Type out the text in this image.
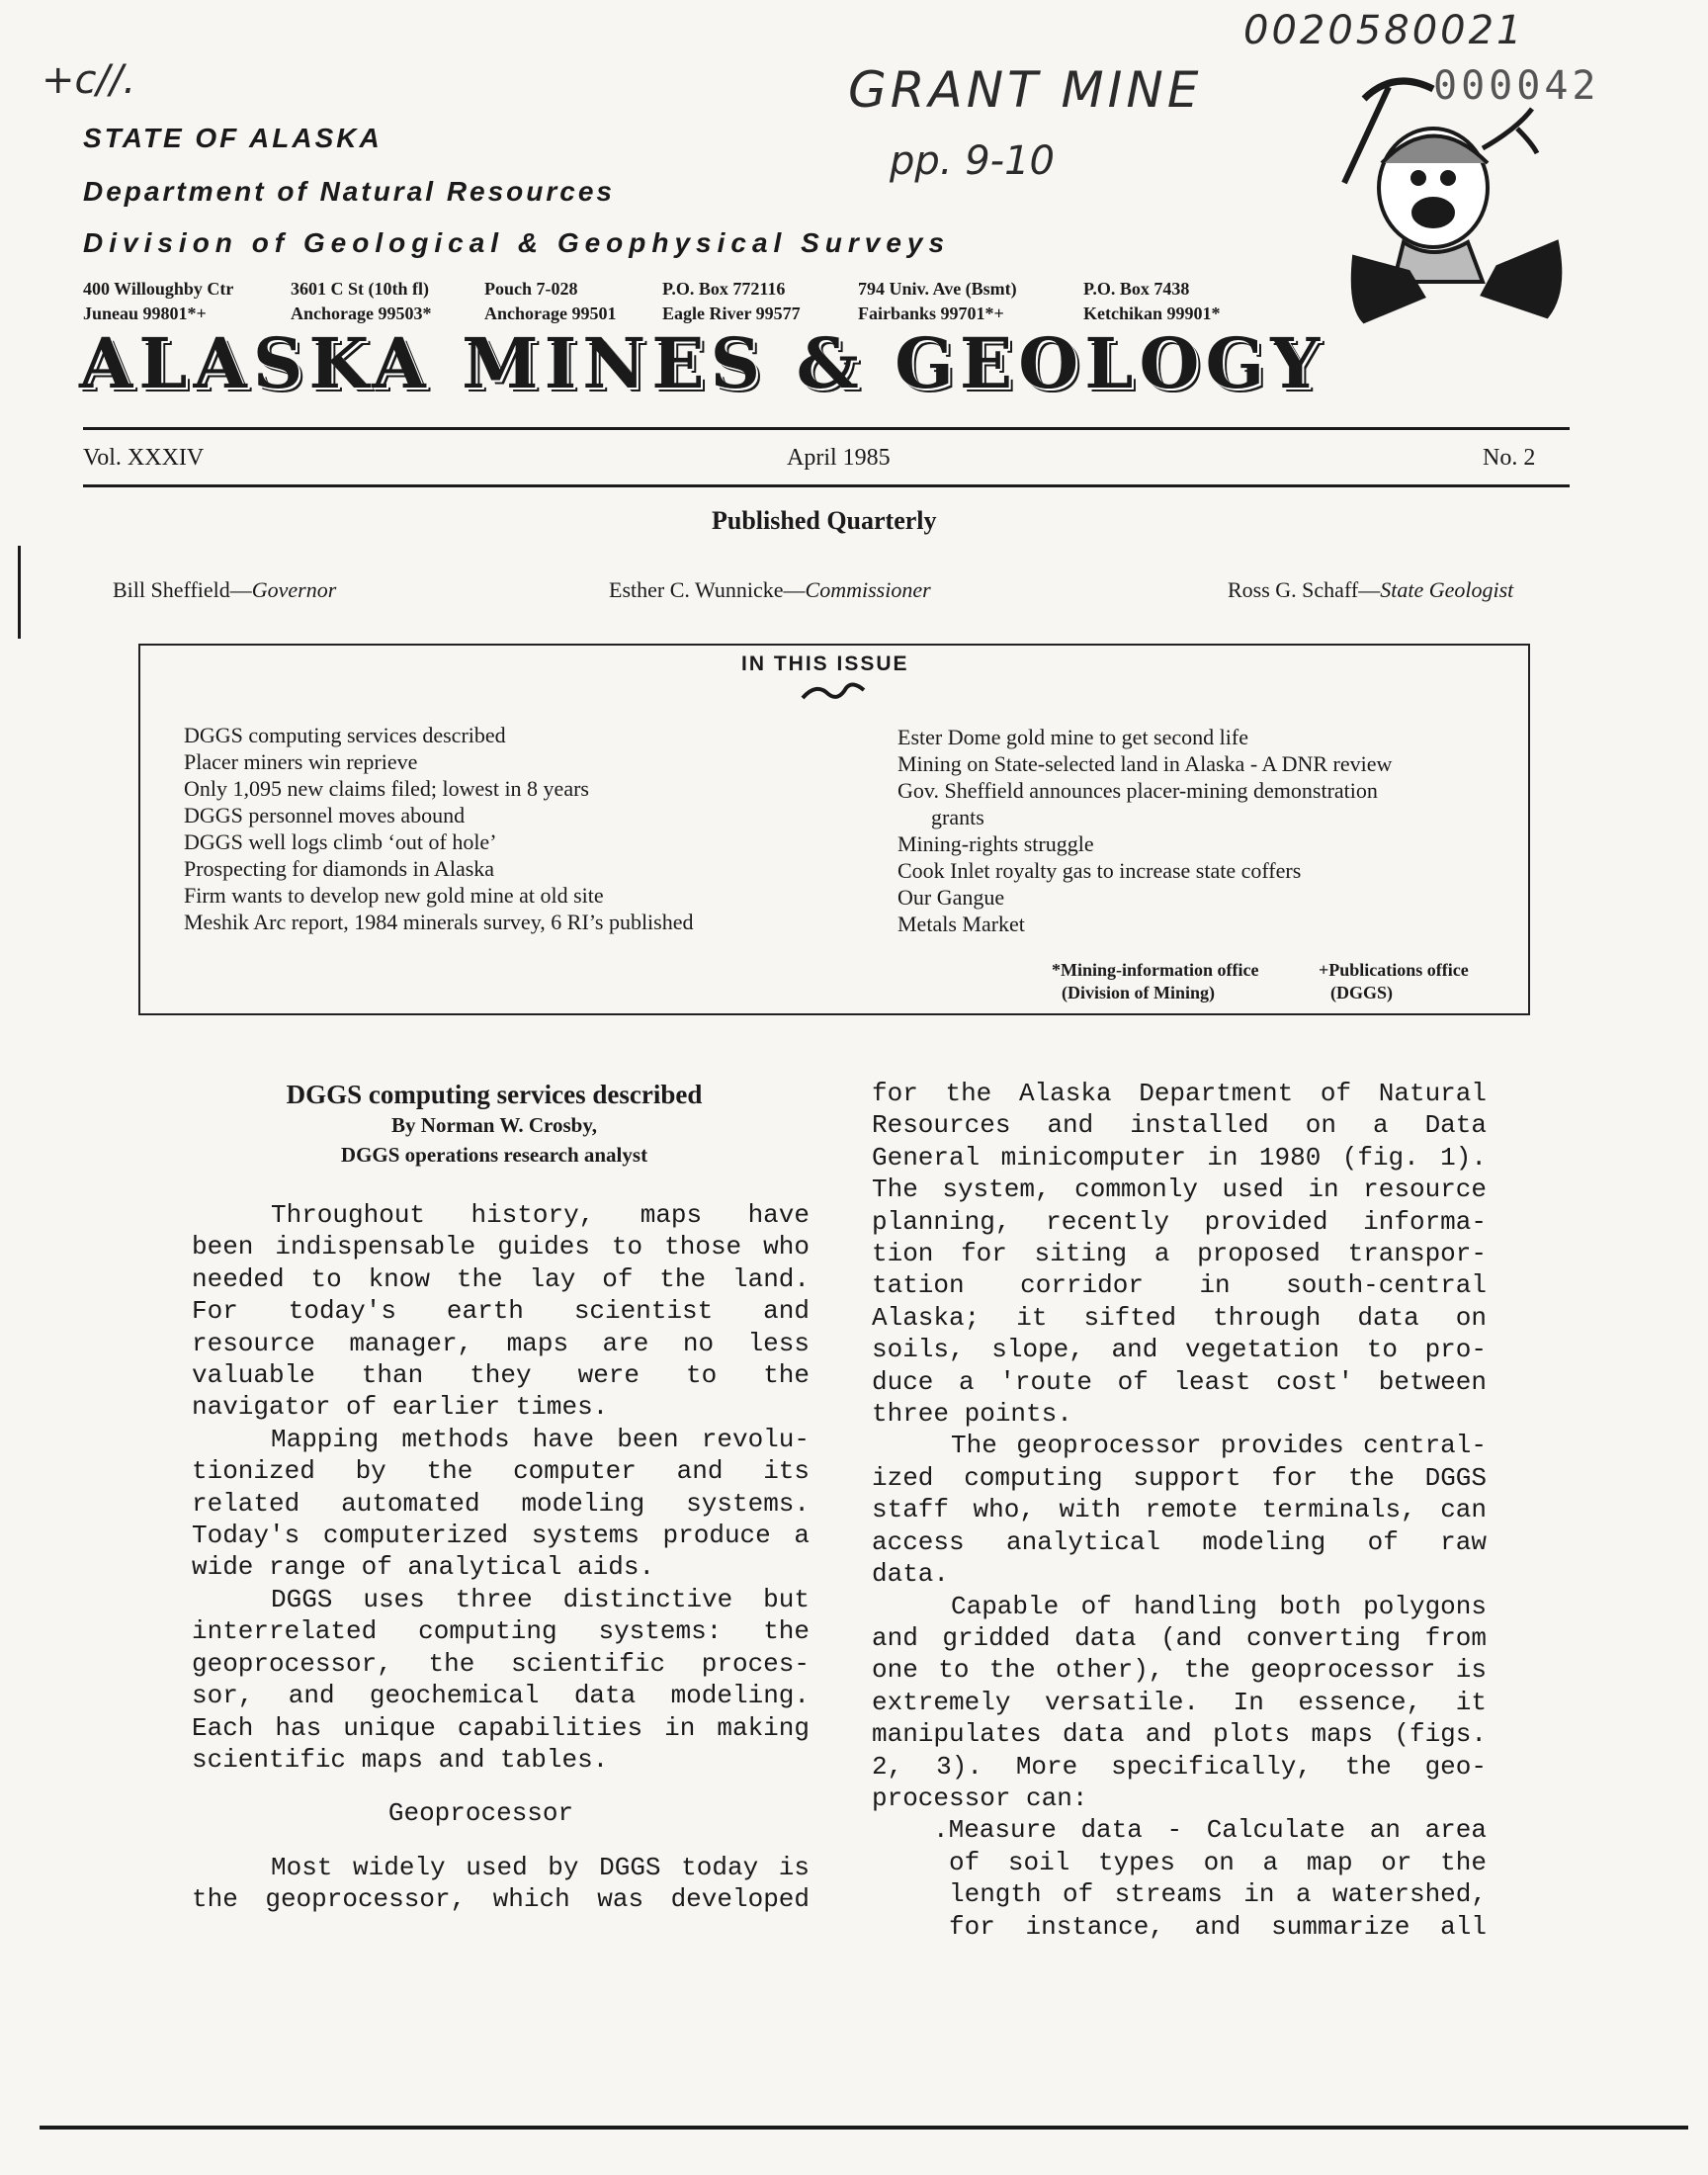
+c//.	GRANT MINE
pp. 9-10
0020580021
000042
STATE OF ALASKA
Department of Natural Resources
Division of Geological & Geophysical Surveys
400 Willoughby Ctr
Juneau 99801*+
3601 C St (10th fl)
Anchorage 99503*
Pouch 7-028
Anchorage 99501
P.O. Box 772116
Eagle River 99577
794 Univ. Ave (Bsmt)
Fairbanks 99701*+
P.O. Box 7438
Ketchikan 99901*
ALASKA MINES & GEOLOGY
Vol. XXXIV	April 1985	No. 2
Published Quarterly
Bill Sheffield—Governor	Esther C. Wunnicke—Commissioner	Ross G. Schaff—State Geologist
IN THIS ISSUE
DGGS computing services described
Placer miners win reprieve
Only 1,095 new claims filed; lowest in 8 years
DGGS personnel moves abound
DGGS well logs climb ‘out of hole’
Prospecting for diamonds in Alaska
Firm wants to develop new gold mine at old site
Meshik Arc report, 1984 minerals survey, 6 RI’s published
Ester Dome gold mine to get second life
Mining on State-selected land in Alaska - A DNR review
Gov. Sheffield announces placer-mining demonstration
grants
Mining-rights struggle
Cook Inlet royalty gas to increase state coffers
Our Gangue
Metals Market
*Mining-information office
(Division of Mining)
+Publications office
(DGGS)
DGGS computing services described
By Norman W. Crosby,
DGGS operations research analyst

Throughout history, maps have
been indispensable guides to those who
needed to know the lay of the land.
For today's earth scientist and
resource manager, maps are no less
valuable than they were to the
navigator of earlier times.

Mapping methods have been revolu-
tionized by the computer and its
related automated modeling systems.
Today's computerized systems produce a
wide range of analytical aids.

DGGS uses three distinctive but
interrelated computing systems: the
geoprocessor, the scientific proces-
sor, and geochemical data modeling.
Each has unique capabilities in making
scientific maps and tables.

Geoprocessor

Most widely used by DGGS today is
the geoprocessor, which was developed

for the Alaska Department of Natural
Resources and installed on a Data
General minicomputer in 1980 (fig. 1).
The system, commonly used in resource
planning, recently provided informa-
tion for siting a proposed transpor-
tation corridor in south-central
Alaska; it sifted through data on
soils, slope, and vegetation to pro-
duce a 'route of least cost' between
three points.

The geoprocessor provides central-
ized computing support for the DGGS
staff who, with remote terminals, can
access analytical modeling of raw
data.

Capable of handling both polygons
and gridded data (and converting from
one to the other), the geoprocessor is
extremely versatile. In essence, it
manipulates data and plots maps (figs.
2, 3). More specifically, the geo-
processor can:

.Measure data - Calculate an area
of soil types on a map or the
length of streams in a watershed,
for instance, and summarize all
